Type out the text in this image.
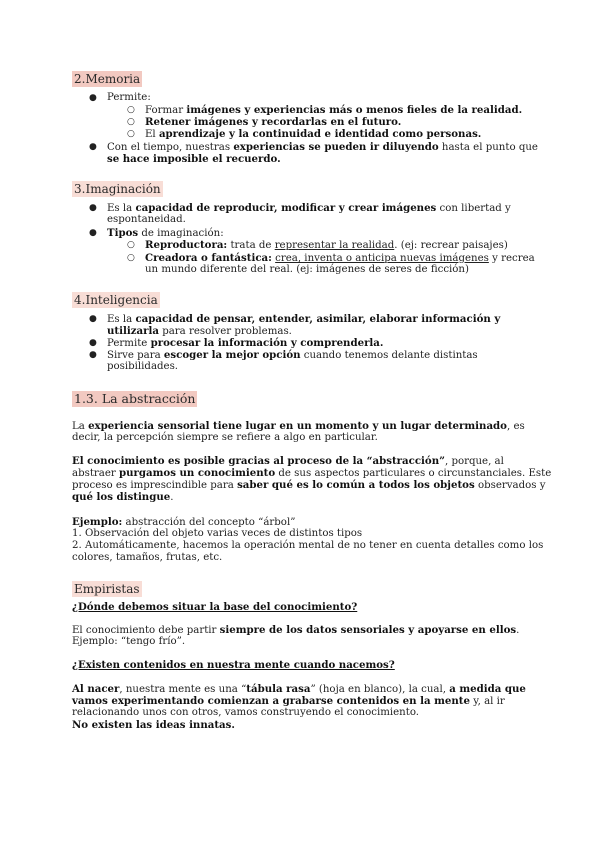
2.Memoria
● Permite:
○ Formar imágenes y experiencias más o menos fieles de la realidad.
○ Retener imágenes y recordarlas en el futuro.
○ El aprendizaje y la continuidad e identidad como personas.
● Con el tiempo, nuestras experiencias se pueden ir diluyendo hasta el punto que
se hace imposible el recuerdo.
3.Imaginación
● Es la capacidad de reproducir, modificar y crear imágenes con libertad y
espontaneidad.
● Tipos de imaginación:
○ Reproductora: trata de representar la realidad. (ej: recrear paisajes)
○ Creadora o fantástica: crea, inventa o anticipa nuevas imágenes y recrea
un mundo diferente del real. (ej: imágenes de seres de ficción)
4.Inteligencia
● Es la capacidad de pensar, entender, asimilar, elaborar información y
utilizarla para resolver problemas.
● Permite procesar la información y comprenderla.
● Sirve para escoger la mejor opción cuando tenemos delante distintas
posibilidades.
1.3. La abstracción
La experiencia sensorial tiene lugar en un momento y un lugar determinado, es
decir, la percepción siempre se refiere a algo en particular.
El conocimiento es posible gracias al proceso de la “abstracción”, porque, al
abstraer purgamos un conocimiento de sus aspectos particulares o circunstanciales. Este
proceso es imprescindible para saber qué es lo común a todos los objetos observados y
qué los distingue.
Ejemplo: abstracción del concepto “árbol”
1. Observación del objeto varias veces de distintos tipos
2. Automáticamente, hacemos la operación mental de no tener en cuenta detalles como los
colores, tamaños, frutas, etc.
Empiristas
¿Dónde debemos situar la base del conocimiento?
El conocimiento debe partir siempre de los datos sensoriales y apoyarse en ellos.
Ejemplo: “tengo frío”.
¿Existen contenidos en nuestra mente cuando nacemos?
Al nacer, nuestra mente es una “tábula rasa” (hoja en blanco), la cual, a medida que
vamos experimentando comienzan a grabarse contenidos en la mente y, al ir
relacionando unos con otros, vamos construyendo el conocimiento.
No existen las ideas innatas.
